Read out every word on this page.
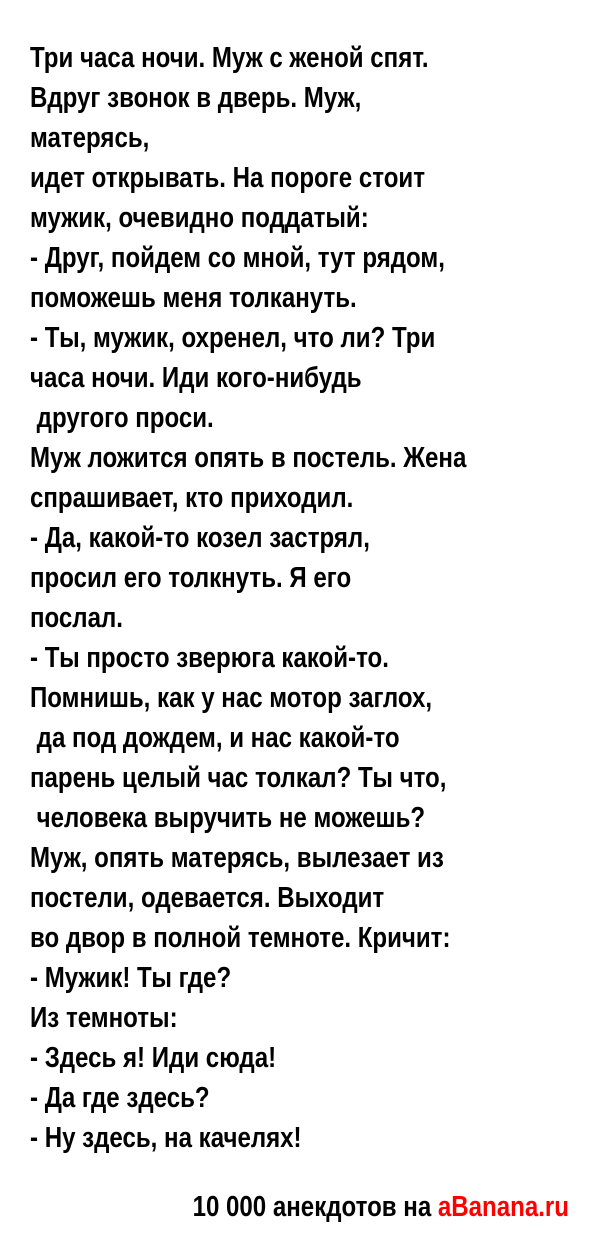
Три часа ночи. Муж с женой спят.
Вдруг звонок в дверь. Муж,
матерясь,
идет открывать. На пороге стоит
мужик, очевидно поддатый:
- Друг, пойдем со мной, тут рядом,
поможешь меня толкануть.
- Ты, мужик, охренел, что ли? Три
часа ночи. Иди кого-нибудь
другого проси.
Муж ложится опять в постель. Жена
спрашивает, кто приходил.
- Да, какой-то козел застрял,
просил его толкнуть. Я его
послал.
- Ты просто зверюга какой-то.
Помнишь, как у нас мотор заглох,
да под дождем, и нас какой-то
парень целый час толкал? Ты что,
человека выручить не можешь?
Муж, опять матерясь, вылезает из
постели, одевается. Выходит
во двор в полной темноте. Кричит:
- Мужик! Ты где?
Из темноты:
- Здесь я! Иди сюда!
- Да где здесь?
- Ну здесь, на качелях!
10 000 анекдотов на aBanana.ru
